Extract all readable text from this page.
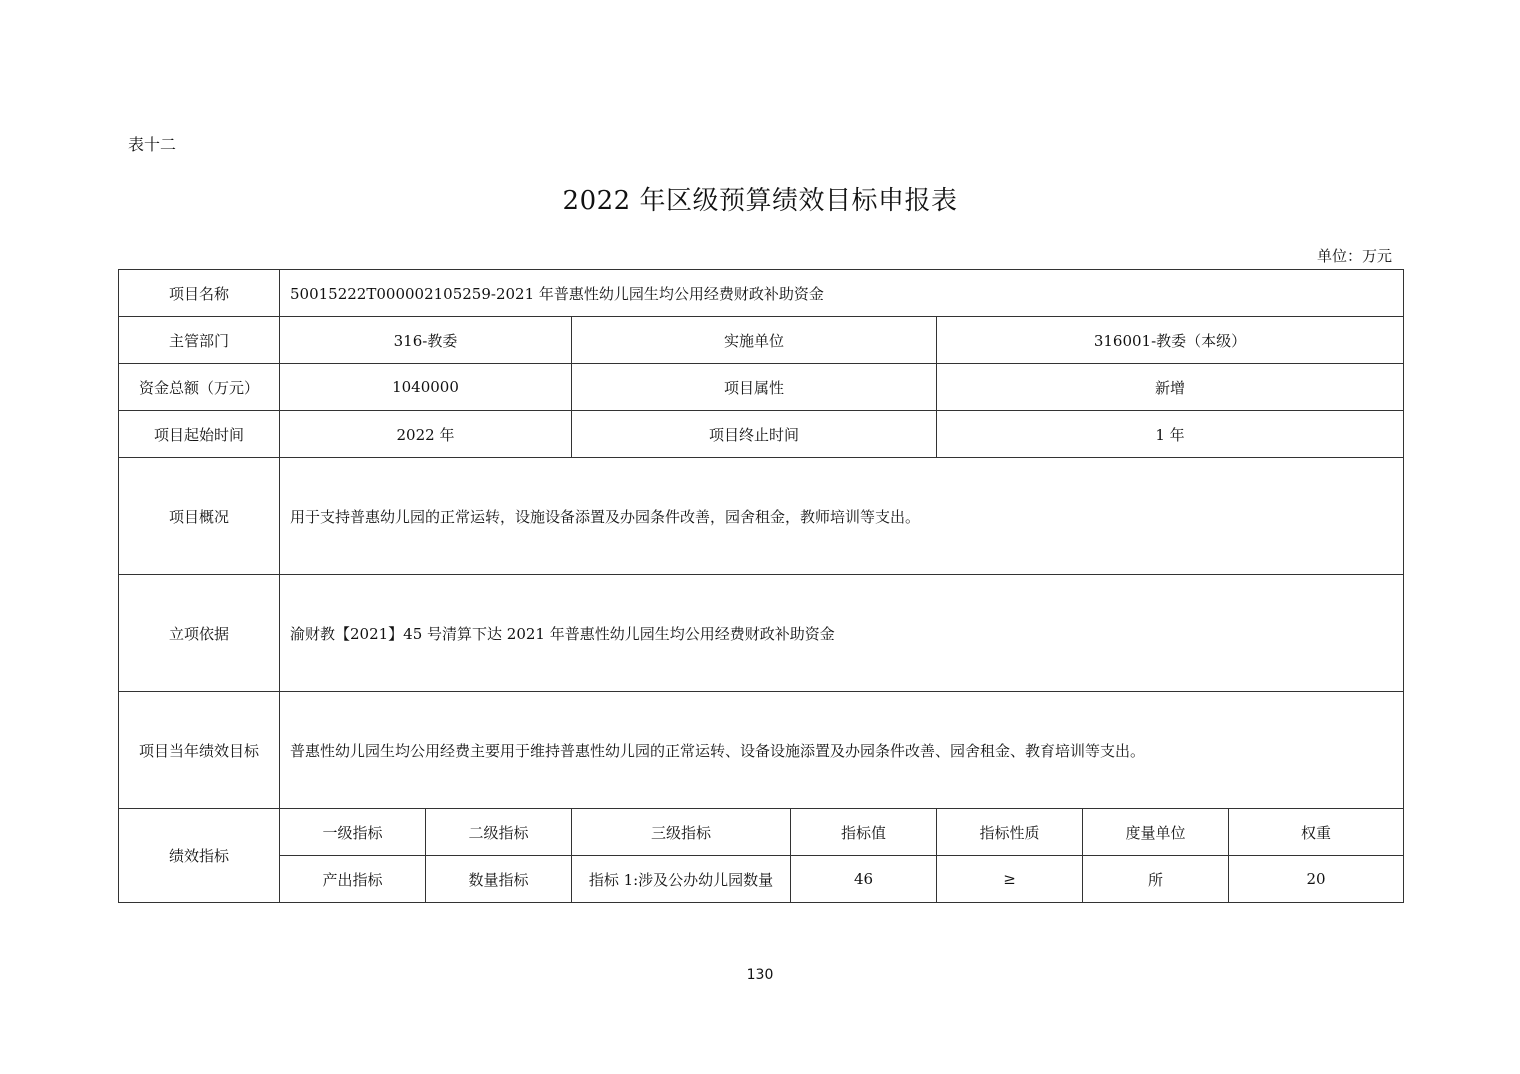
表十二
2022 年区级预算绩效目标申报表
单位：万元
项目名称	50015222T000002105259-2021 年普惠性幼儿园生均公用经费财政补助资金						
主管部门	316-教委		实施单位		316001-教委（本级）		
资金总额（万元）	1040000		项目属性		新增		
项目起始时间	2022 年		项目终止时间		1 年		
项目概况	用于支持普惠幼儿园的正常运转，设施设备添置及办园条件改善，园舍租金，教师培训等支出。						
立项依据	渝财教【2021】45 号清算下达 2021 年普惠性幼儿园生均公用经费财政补助资金						
项目当年绩效目标	普惠性幼儿园生均公用经费主要用于维持普惠性幼儿园的正常运转、设备设施添置及办园条件改善、园舍租金、教育培训等支出。						
绩效指标	一级指标	二级指标	三级指标	指标值	指标性质	度量单位	权重
	产出指标	数量指标	指标 1:涉及公办幼儿园数量	46	≥	所	20
130
